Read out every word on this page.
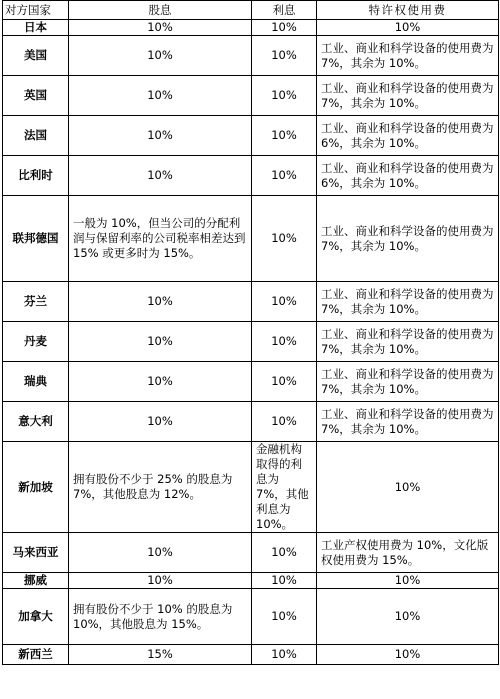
对方国家	股息	利息	特许权使用费
日本	10%	10%	10%
美国	10%	10%	工业、商业和科学设备的使用费为 7%，其余为 10%。
英国	10%	10%	工业、商业和科学设备的使用费为 7%，其余为 10%。
法国	10%	10%	工业、商业和科学设备的使用费为 6%，其余为 10%。
比利时	10%	10%	工业、商业和科学设备的使用费为 6%，其余为 10%。
联邦德国	一般为 10%，但当公司的分配利润与保留利率的公司税率相差达到 15% 或更多时为 15%。	10%	工业、商业和科学设备的使用费为 7%，其余为 10%。
芬兰	10%	10%	工业、商业和科学设备的使用费为 7%，其余为 10%。
丹麦	10%	10%	工业、商业和科学设备的使用费为 7%，其余为 10%。
瑞典	10%	10%	工业、商业和科学设备的使用费为 7%，其余为 10%。
意大利	10%	10%	工业、商业和科学设备的使用费为 7%，其余为 10%。
新加坡	拥有股份不少于 25% 的股息为 7%，其他股息为 12%。	金融机构取得的利息为 7%，其他利息为 10%。	10%
马来西亚	10%	10%	工业产权使用费为 10%，文化版权使用费为 15%。
挪威	10%	10%	10%
加拿大	拥有股份不少于 10% 的股息为 10%，其他股息为 15%。	10%	10%
新西兰	15%	10%	10%
